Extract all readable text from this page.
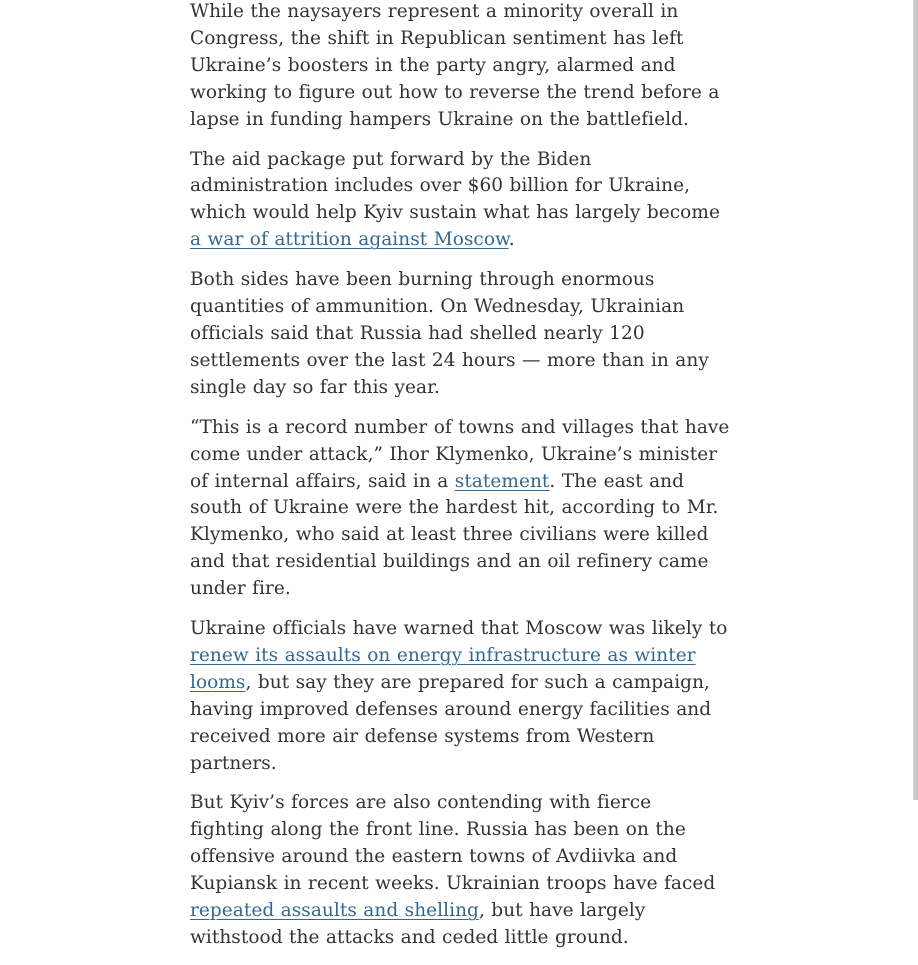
While the naysayers represent a minority overall in Congress, the shift in Republican sentiment has left Ukraine’s boosters in the party angry, alarmed and working to figure out how to reverse the trend before a lapse in funding hampers Ukraine on the battlefield.

The aid package put forward by the Biden administration includes over $60 billion for Ukraine, which would help Kyiv sustain what has largely become a war of attrition against Moscow.

Both sides have been burning through enormous quantities of ammunition. On Wednesday, Ukrainian officials said that Russia had shelled nearly 120 settlements over the last 24 hours — more than in any single day so far this year.

“This is a record number of towns and villages that have come under attack,” Ihor Klymenko, Ukraine’s minister of internal affairs, said in a statement. The east and south of Ukraine were the hardest hit, according to Mr. Klymenko, who said at least three civilians were killed and that residential buildings and an oil refinery came under fire.

Ukraine officials have warned that Moscow was likely to renew its assaults on energy infrastructure as winter looms, but say they are prepared for such a campaign, having improved defenses around energy facilities and received more air defense systems from Western partners.

But Kyiv’s forces are also contending with fierce fighting along the front line. Russia has been on the offensive around the eastern towns of Avdiivka and Kupiansk in recent weeks. Ukrainian troops have faced repeated assaults and shelling, but have largely withstood the attacks and ceded little ground.
